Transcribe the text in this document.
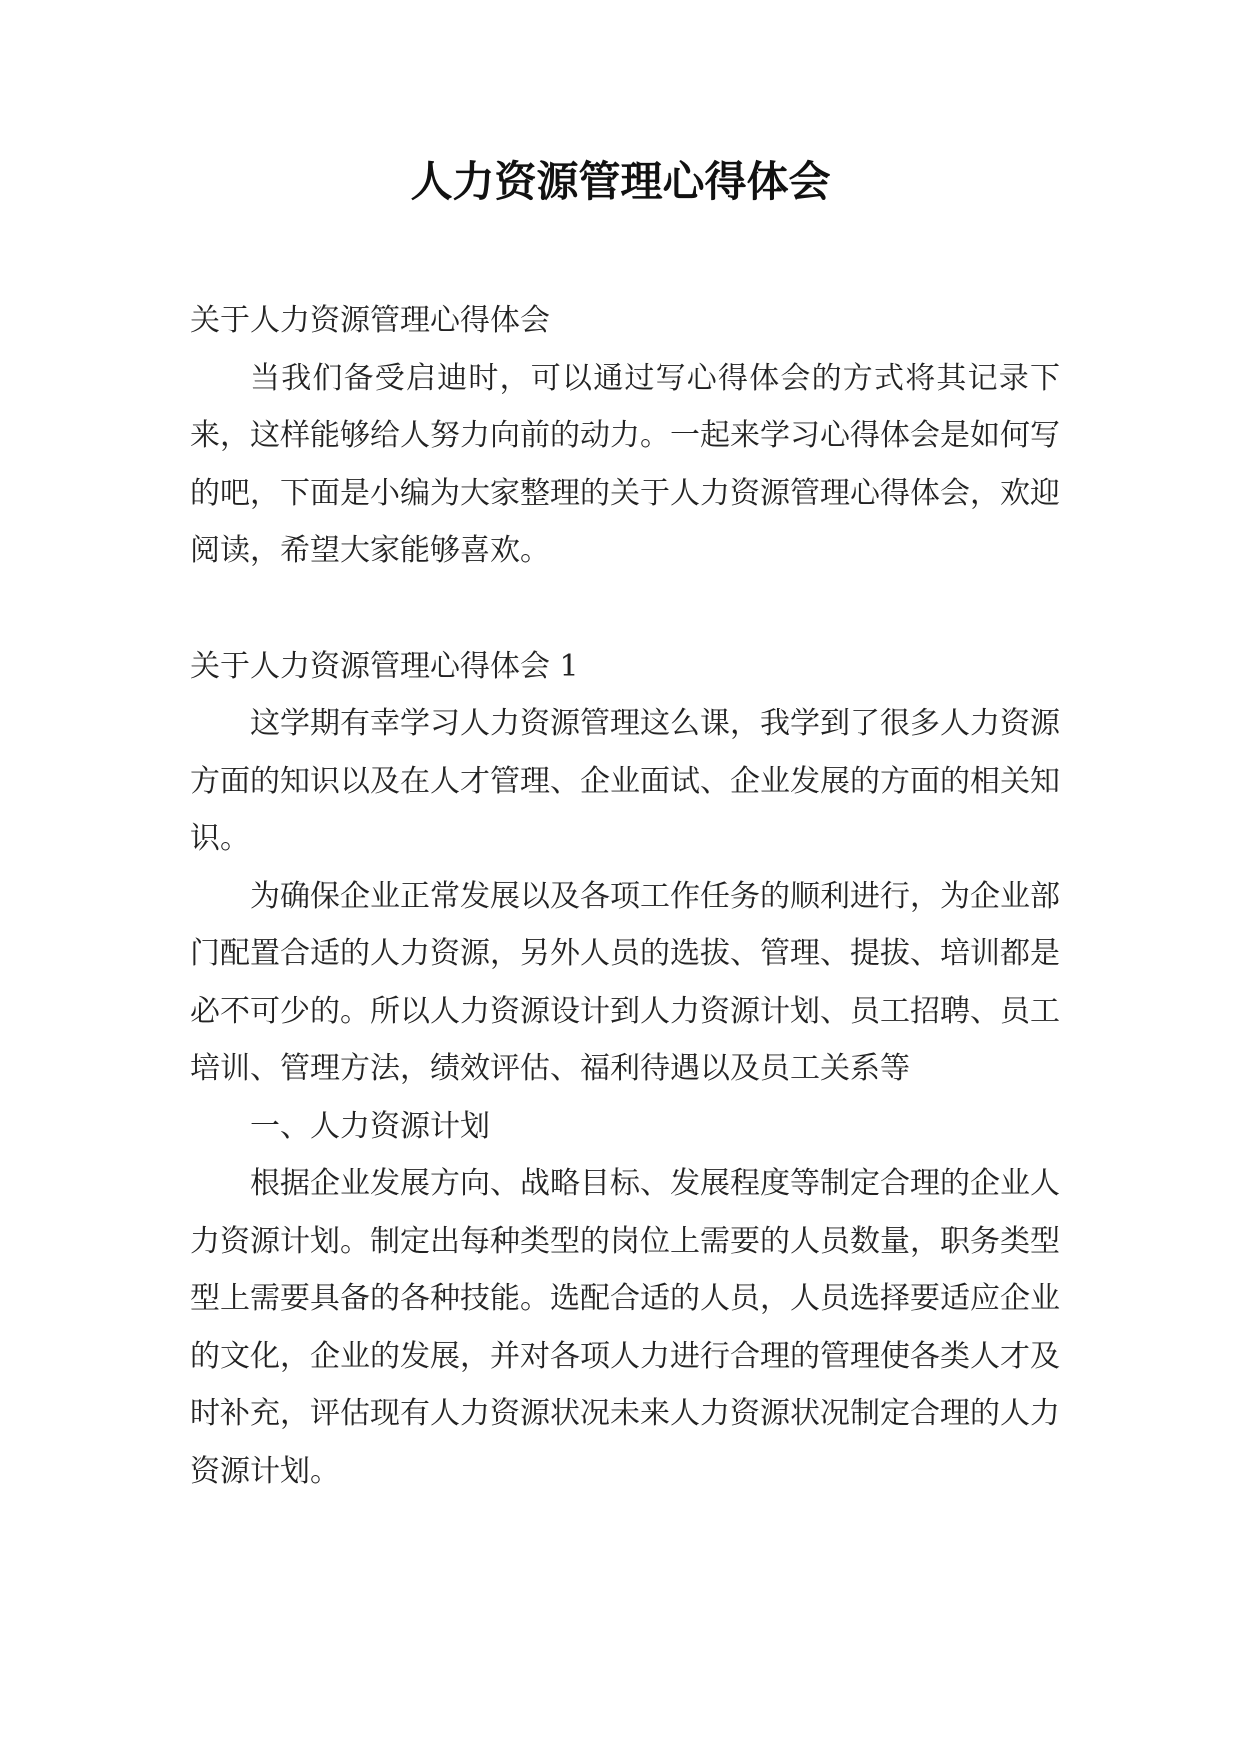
人力资源管理心得体会

关于人力资源管理心得体会

当我们备受启迪时，可以通过写心得体会的方式将其记录下来，这样能够给人努力向前的动力。一起来学习心得体会是如何写的吧，下面是小编为大家整理的关于人力资源管理心得体会，欢迎阅读，希望大家能够喜欢。

关于人力资源管理心得体会 1

这学期有幸学习人力资源管理这么课，我学到了很多人力资源方面的知识以及在人才管理、企业面试、企业发展的方面的相关知识。

为确保企业正常发展以及各项工作任务的顺利进行，为企业部门配置合适的人力资源，另外人员的选拔、管理、提拔、培训都是必不可少的。所以人力资源设计到人力资源计划、员工招聘、员工培训、管理方法，绩效评估、福利待遇以及员工关系等

一、人力资源计划

根据企业发展方向、战略目标、发展程度等制定合理的企业人力资源计划。制定出每种类型的岗位上需要的人员数量，职务类型型上需要具备的各种技能。选配合适的人员，人员选择要适应企业的文化，企业的发展，并对各项人力进行合理的管理使各类人才及时补充，评估现有人力资源状况未来人力资源状况制定合理的人力资源计划。
